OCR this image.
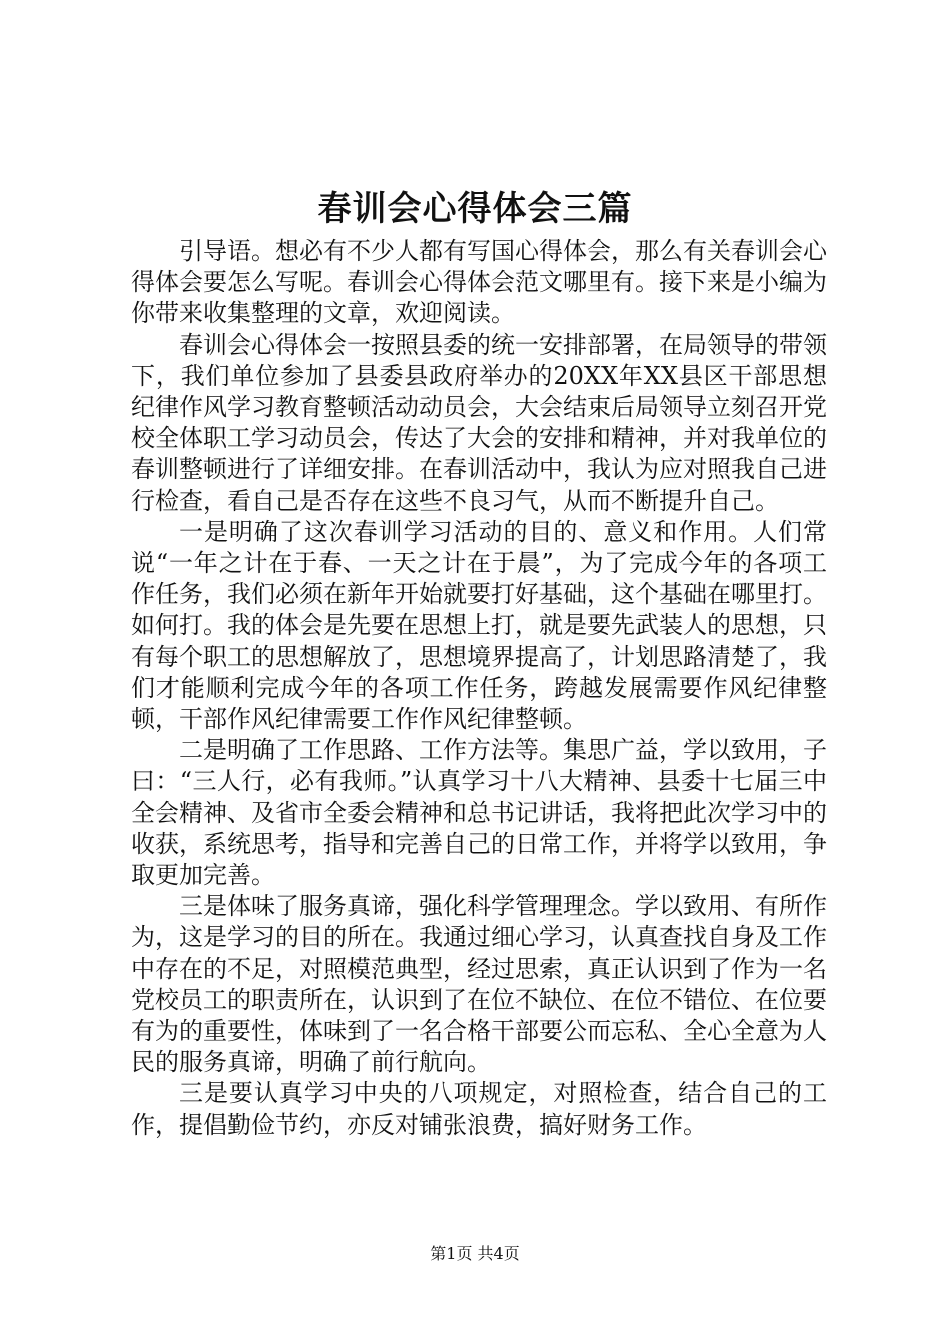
春训会心得体会三篇

引导语。想必有不少人都有写国心得体会，那么有关春训会心得体会要怎么写呢。春训会心得体会范文哪里有。接下来是小编为你带来收集整理的文章，欢迎阅读。

春训会心得体会一按照县委的统一安排部署，在局领导的带领下，我们单位参加了县委县政府举办的20XX年XX县区干部思想纪律作风学习教育整顿活动动员会，大会结束后局领导立刻召开党校全体职工学习动员会，传达了大会的安排和精神，并对我单位的春训整顿进行了详细安排。在春训活动中，我认为应对照我自己进行检查，看自己是否存在这些不良习气，从而不断提升自己。

一是明确了这次春训学习活动的目的、意义和作用。人们常说“一年之计在于春、一天之计在于晨”，为了完成今年的各项工作任务，我们必须在新年开始就要打好基础，这个基础在哪里打。如何打。我的体会是先要在思想上打，就是要先武装人的思想，只有每个职工的思想解放了，思想境界提高了，计划思路清楚了，我们才能顺利完成今年的各项工作任务，跨越发展需要作风纪律整顿，干部作风纪律需要工作作风纪律整顿。

二是明确了工作思路、工作方法等。集思广益，学以致用，子曰：“三人行，必有我师。”认真学习十八大精神、县委十七届三中全会精神、及省市全委会精神和总书记讲话，我将把此次学习中的收获，系统思考，指导和完善自己的日常工作，并将学以致用，争取更加完善。

三是体味了服务真谛，强化科学管理理念。学以致用、有所作为，这是学习的目的所在。我通过细心学习，认真查找自身及工作中存在的不足，对照模范典型，经过思索，真正认识到了作为一名党校员工的职责所在，认识到了在位不缺位、在位不错位、在位要有为的重要性，体味到了一名合格干部要公而忘私、全心全意为人民的服务真谛，明确了前行航向。

三是要认真学习中央的八项规定，对照检查，结合自己的工作，提倡勤俭节约，亦反对铺张浪费，搞好财务工作。

第1页 共4页
